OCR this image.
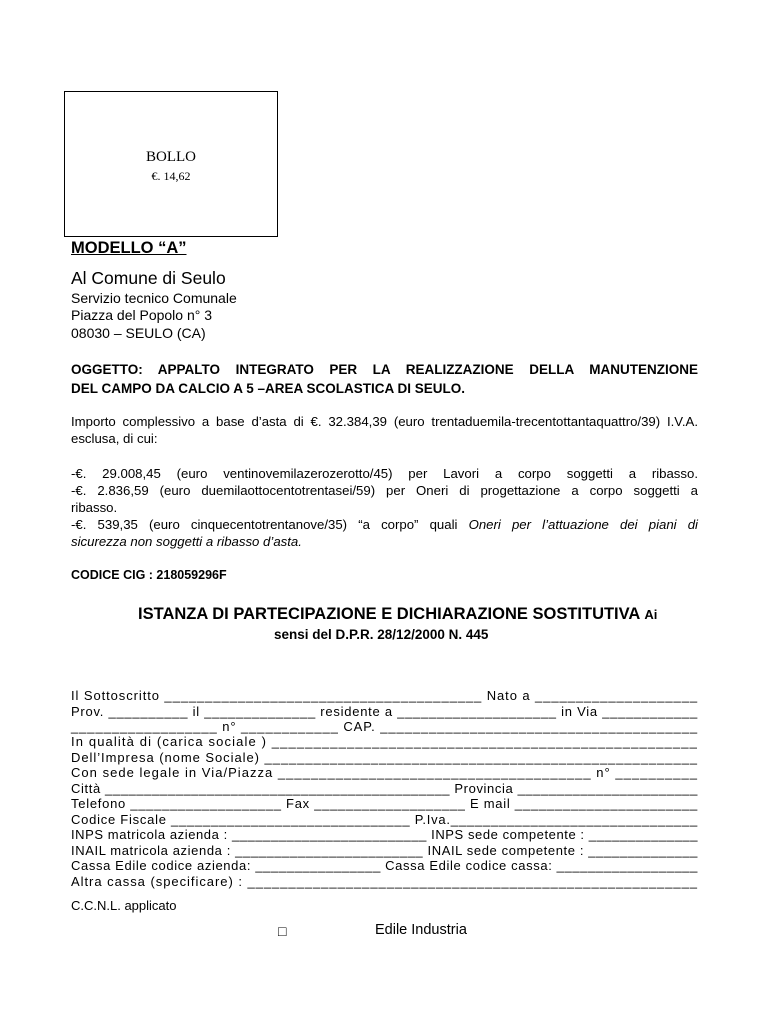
BOLLO
€. 14,62
MODELLO “A”
Al Comune di Seulo
Servizio tecnico Comunale
Piazza del Popolo n° 3
08030 – SEULO (CA)
OGGETTO: APPALTO INTEGRATO PER LA REALIZZAZIONE DELLA MANUTENZIONE
DEL CAMPO DA CALCIO A 5 –AREA SCOLASTICA DI SEULO.
Importo complessivo a base d’asta di €. 32.384,39 (euro trentaduemila-trecentottantaquattro/39) I.V.A.
esclusa, di cui:
-€. 29.008,45 (euro ventinovemilazerozerotto/45) per Lavori a corpo soggetti a ribasso.
-€. 2.836,59 (euro duemilaottocentotrentasei/59) per Oneri di progettazione a corpo soggetti a
ribasso.
-€. 539,35 (euro cinquecentotrentanove/35) “a corpo” quali Oneri per l’attuazione dei piani di
sicurezza non soggetti a ribasso d’asta.
CODICE CIG : 218059296F
ISTANZA DI PARTECIPAZIONE E DICHIARAZIONE SOSTITUTIVA Ai
sensi del D.P.R. 28/12/2000 N. 445
Il Sottoscritto _______________________________________ Nato a ____________________
Prov. __________ il ______________ residente a ____________________ in Via ____________
__________________ n° ____________ CAP. _______________________________________
In qualità di (carica sociale ) ___________________________________________________
Dell’Impresa (nome Sociale) _____________________________________________________
Con sede legale in Via/Piazza ______________________________________ n° __________
Città ____________________________________________ Provincia _______________________
Telefono ___________________ Fax ___________________ E mail _______________________
Codice Fiscale ______________________________ P.Iva._______________________________
INPS matricola azienda : _________________________ INPS sede competente : ______________
INAIL matricola azienda : ________________________ INAIL sede competente : ______________
Cassa Edile codice azienda: ________________ Cassa Edile codice cassa: __________________
Altra cassa (specificare) : _______________________________________________________
C.C.N.L. applicato
□	Edile Industria
